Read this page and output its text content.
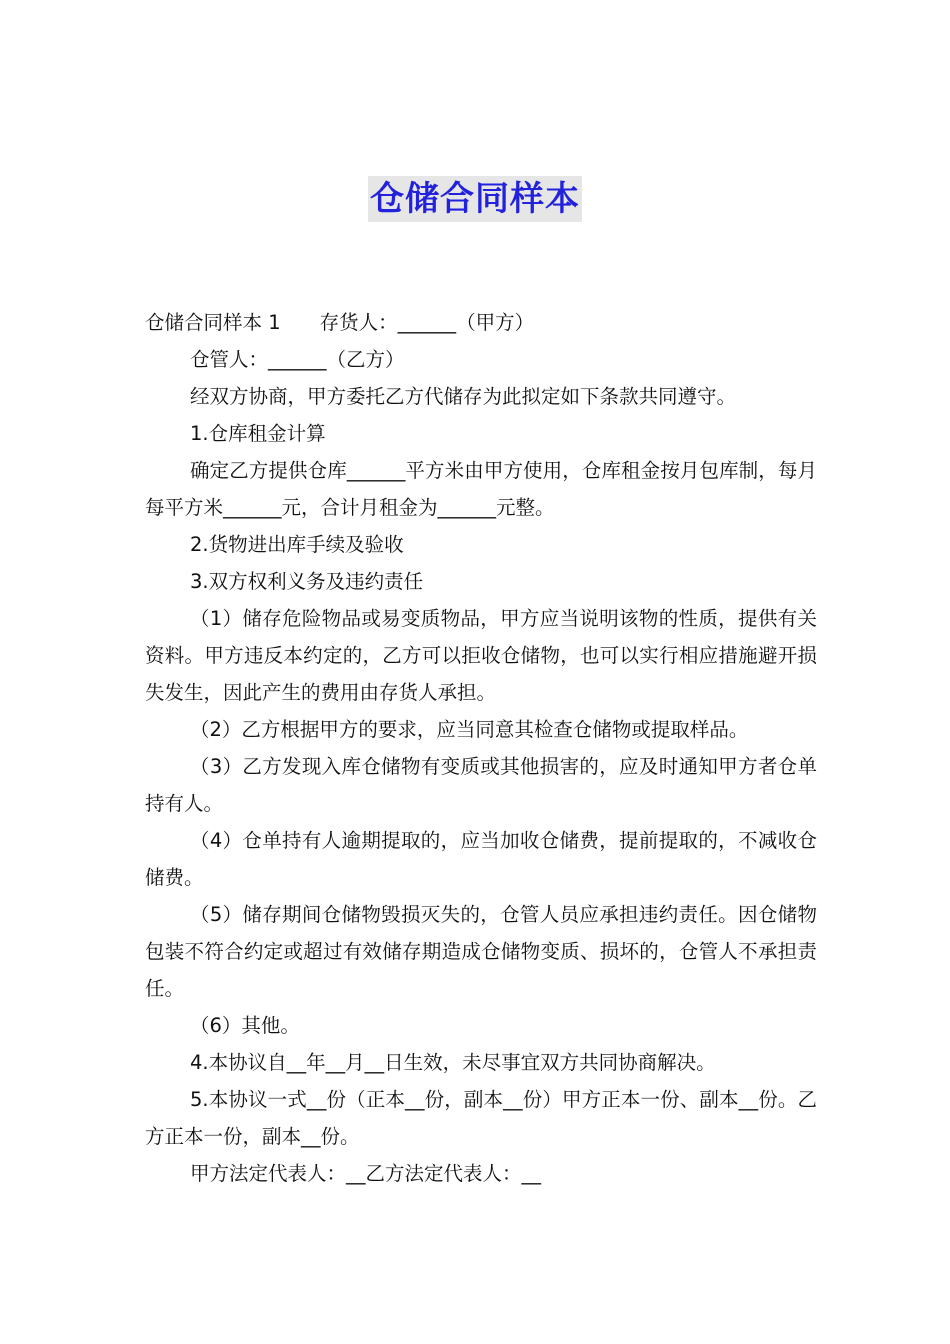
仓储合同样本

仓储合同样本 1　　存货人：______（甲方）

仓管人：______（乙方）

经双方协商，甲方委托乙方代储存为此拟定如下条款共同遵守。

1.仓库租金计算

确定乙方提供仓库______平方米由甲方使用，仓库租金按月包库制，每月每平方米______元，合计月租金为______元整。

2.货物进出库手续及验收

3.双方权利义务及违约责任

（1）储存危险物品或易变质物品，甲方应当说明该物的性质，提供有关资料。甲方违反本约定的，乙方可以拒收仓储物，也可以实行相应措施避开损失发生，因此产生的费用由存货人承担。

（2）乙方根据甲方的要求，应当同意其检查仓储物或提取样品。

（3）乙方发现入库仓储物有变质或其他损害的，应及时通知甲方者仓单持有人。

（4）仓单持有人逾期提取的，应当加收仓储费，提前提取的，不减收仓储费。

（5）储存期间仓储物毁损灭失的，仓管人员应承担违约责任。因仓储物包装不符合约定或超过有效储存期造成仓储物变质、损坏的，仓管人不承担责任。

（6）其他。

4.本协议自__年__月__日生效，未尽事宜双方共同协商解决。

5.本协议一式__份（正本__份，副本__份）甲方正本一份、副本__份。乙方正本一份，副本__份。

甲方法定代表人：__乙方法定代表人：__
